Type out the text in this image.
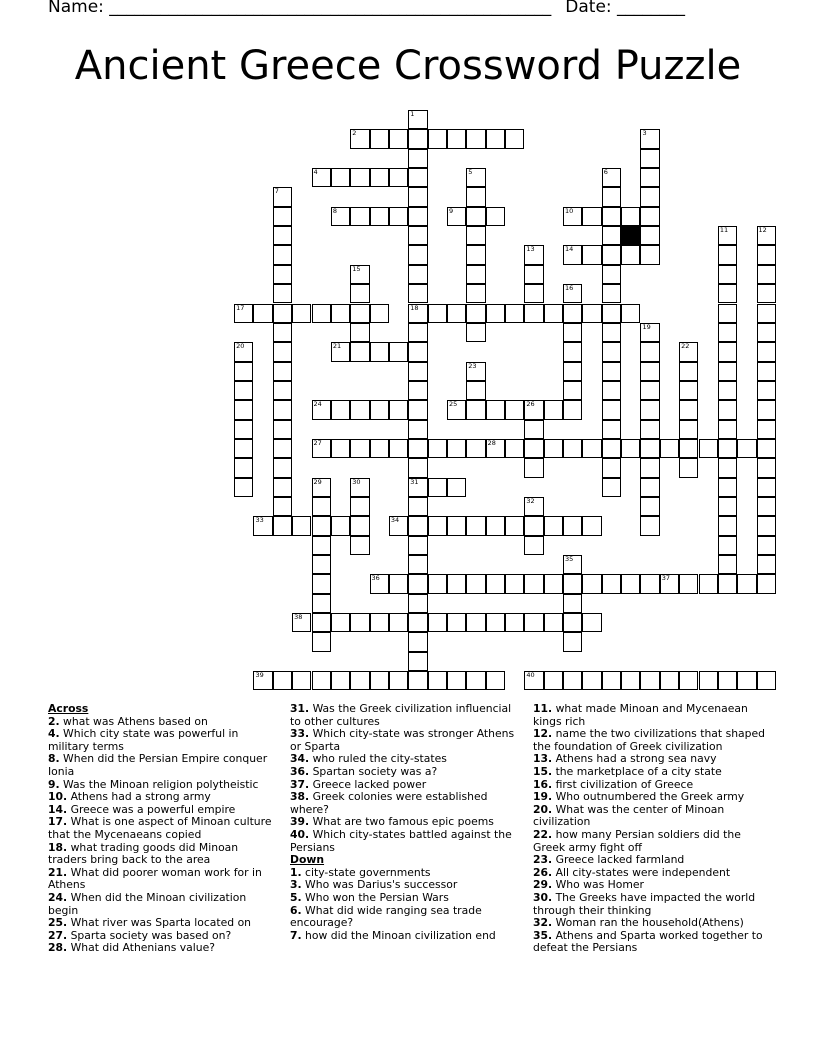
Name: ____________________________________________________ Date: ________
Ancient Greece Crossword Puzzle
2
4
8	9	10
14
17	18
21
24	25	26
27	28
31
33	34
36	37
38
39	40
1
3
5	6
7
11	12
13
15
16
19
20	22
23
29	30
32
35

Across

2. what was Athens based on

4. Which city state was powerful in military terms

8. When did the Persian Empire conquer Ionia

9. Was the Minoan religion polytheistic

10. Athens had a strong army

14. Greece was a powerful empire

17. What is one aspect of Minoan culture that the Mycenaeans copied

18. what trading goods did Minoan traders bring back to the area

21. What did poorer woman work for in Athens

24. When did the Minoan civilization begin

25. What river was Sparta located on

27. Sparta society was based on?

28. What did Athenians value?

31. Was the Greek civilization influencial to other cultures

33. Which city-state was stronger Athens or Sparta

34. who ruled the city-states

36. Spartan society was a?

37. Greece lacked power

38. Greek colonies were established where?

39. What are two famous epic poems

40. Which city-states battled against the Persians

Down

1. city-state governments

3. Who was Darius's successor

5. Who won the Persian Wars

6. What did wide ranging sea trade encourage?

7. how did the Minoan civilization end

11. what made Minoan and Mycenaean kings rich

12. name the two civilizations that shaped the foundation of Greek civilization

13. Athens had a strong sea navy

15. the marketplace of a city state

16. first civilization of Greece

19. Who outnumbered the Greek army

20. What was the center of Minoan civilization

22. how many Persian soldiers did the Greek army fight off

23. Greece lacked farmland

26. All city-states were independent

29. Who was Homer

30. The Greeks have impacted the world through their thinking

32. Woman ran the household(Athens)

35. Athens and Sparta worked together to defeat the Persians
